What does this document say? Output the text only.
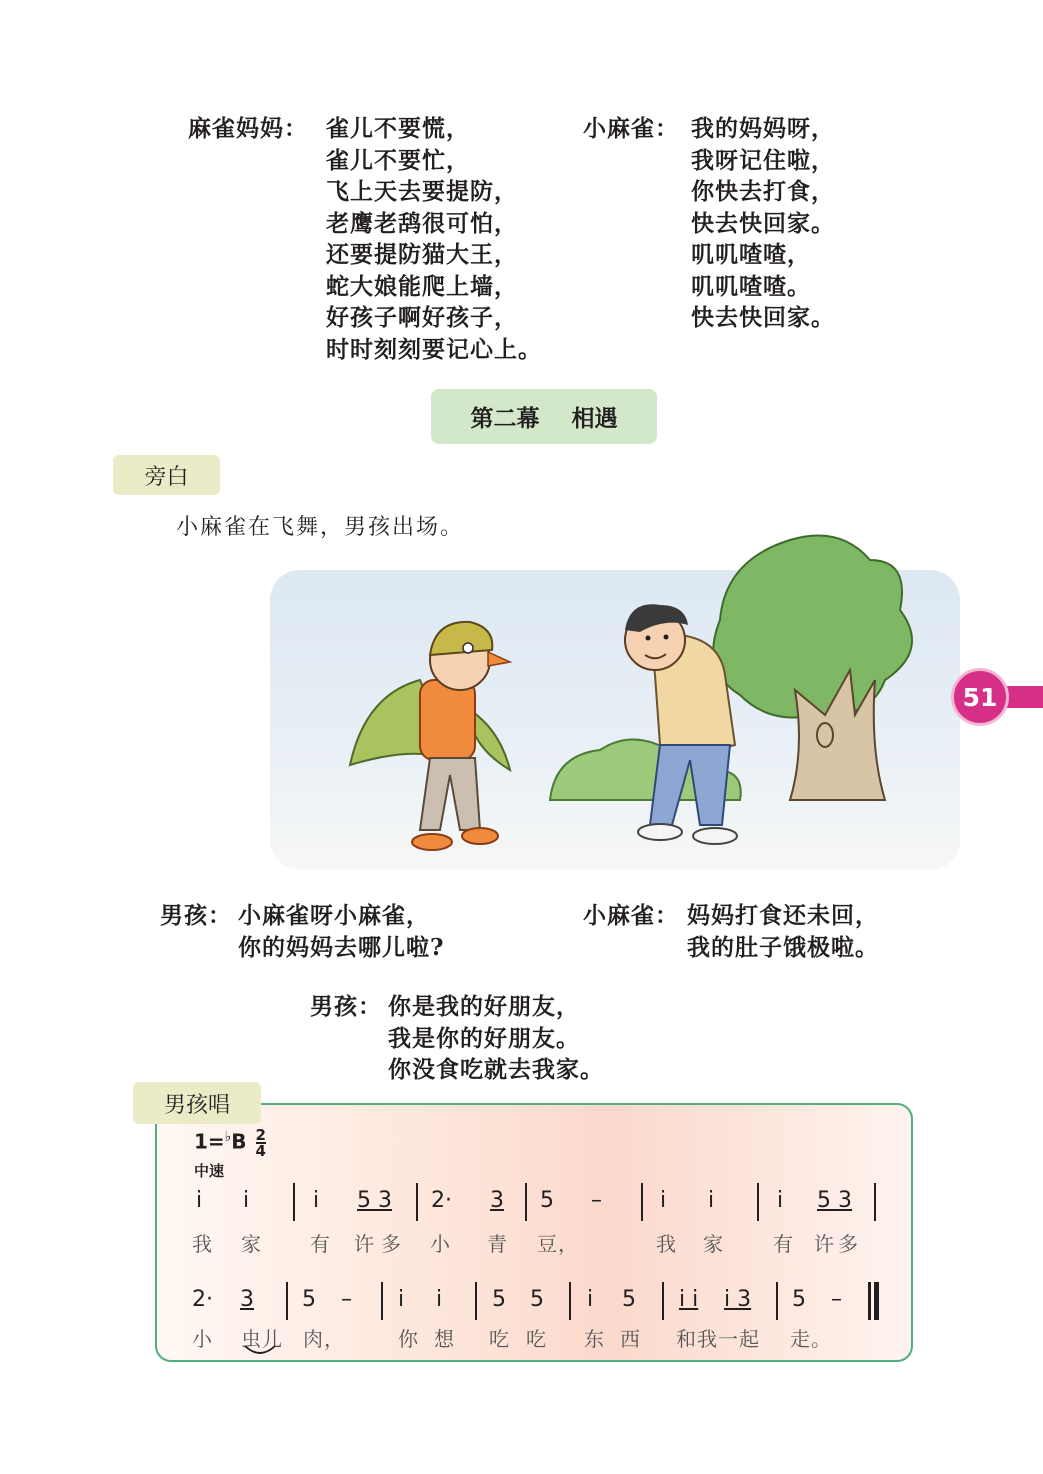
麻雀妈妈： 雀儿不要慌，
雀儿不要忙，
飞上天去要提防，
老鹰老鸹很可怕，
还要提防猫大王，
蛇大娘能爬上墙，
好孩子啊好孩子，
时时刻刻要记心上。
小麻雀： 我的妈妈呀，
我呀记住啦，
你快去打食，
快去快回家。
叽叽喳喳，
叽叽喳喳。
快去快回家。
第二幕 相遇
旁白
小麻雀在飞舞，男孩出场。
51
男孩： 小麻雀呀小麻雀，
你的妈妈去哪儿啦?
小麻雀： 妈妈打食还未回，
我的肚子饿极啦。
男孩： 你是我的好朋友，
我是你的好朋友。
你没食吃就去我家。
男孩唱
$1=^♭B \frac{2}{4}$
中速
i i	i 5 3 2· 3 5 –	i i	i 5 3
我 家 有 许 多 小 青 豆，	我 家 有 许 多
2· 3 5 – i i 5 5 i 5 i i i 3 5 –
小 虫儿 肉，	你 想 吃 吃 东 西 和我一起 走。
